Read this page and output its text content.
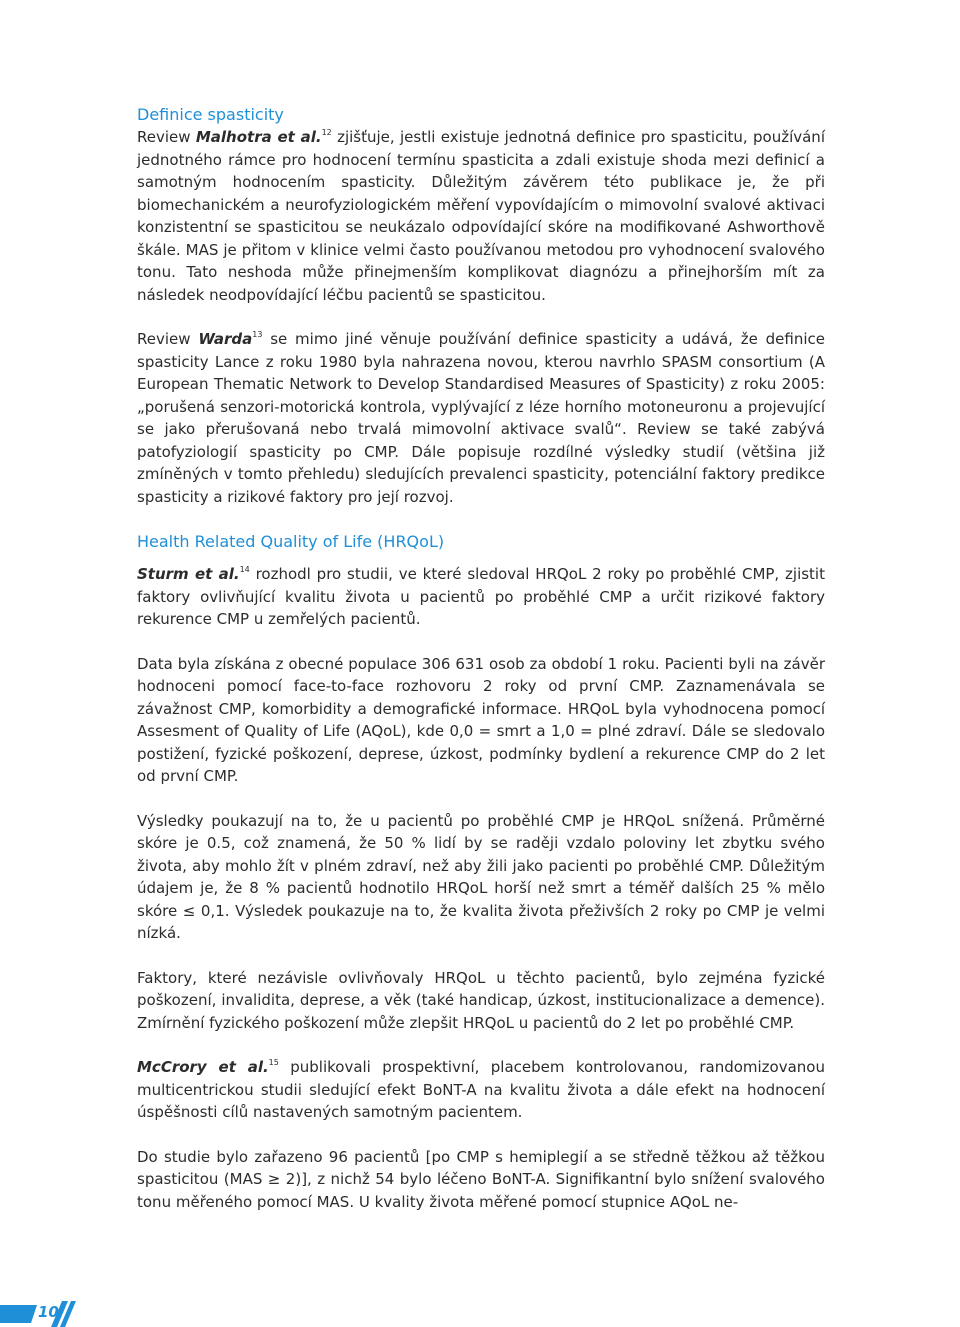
Definice spasticity

Review Malhotra et al.$^{12}$ zjišťuje, jestli existuje jednotná definice pro spasticitu, používání jednotného rámce pro hodnocení termínu spasticita a zdali existuje shoda mezi definicí a samotným hodnocením spasticity. Důležitým závěrem této publikace je, že při biomechanickém a neurofyziologickém měření vypovídajícím o mimovolní svalové aktivaci konzistentní se spasticitou se neukázalo odpovídající skóre na modifikované Ashworthově škále. MAS je přitom v klinice velmi často používanou metodou pro vyhodnocení svalového tonu. Tato neshoda může přinejmenším komplikovat diagnózu a přinejhorším mít za následek neodpovídající léčbu pacientů se spasticitou.

Review Warda$^{13}$ se mimo jiné věnuje používání definice spasticity a udává, že definice spasticity Lance z roku 1980 byla nahrazena novou, kterou navrhlo SPASM consortium (A European Thematic Network to Develop Standardised Measures of Spasticity) z roku 2005: „porušená senzori-motorická kontrola, vyplývající z léze horního motoneuronu a projevující se jako přerušovaná nebo trvalá mimovolní aktivace svalů“. Review se také zabývá patofyziologií spasticity po CMP. Dále popisuje rozdílné výsledky studií (většina již zmíněných v tomto přehledu) sledujících prevalenci spasticity, potenciální faktory predikce spasticity a rizikové faktory pro její rozvoj.

Health Related Quality of Life (HRQoL)

Sturm et al.$^{14}$ rozhodl pro studii, ve které sledoval HRQoL 2 roky po proběhlé CMP, zjistit faktory ovlivňující kvalitu života u pacientů po proběhlé CMP a určit rizikové faktory rekurence CMP u zemřelých pacientů.

Data byla získána z obecné populace 306 631 osob za období 1 roku. Pacienti byli na závěr hodnoceni pomocí face-to-face rozhovoru 2 roky od první CMP. Zaznamenávala se závažnost CMP, komorbidity a demografické informace. HRQoL byla vyhodnocena pomocí Assesment of Quality of Life (AQoL), kde 0,0 = smrt a 1,0 = plné zdraví. Dále se sledovalo postižení, fyzické poškození, deprese, úzkost, podmínky bydlení a rekurence CMP do 2 let od první CMP.

Výsledky poukazují na to, že u pacientů po proběhlé CMP je HRQoL snížená. Průměrné skóre je 0.5, což znamená, že 50 % lidí by se raději vzdalo poloviny let zbytku svého života, aby mohlo žít v plném zdraví, než aby žili jako pacienti po proběhlé CMP. Důležitým údajem je, že 8 % pacientů hodnotilo HRQoL horší než smrt a téměř dalších 25 % mělo skóre ≤ 0,1. Výsledek poukazuje na to, že kvalita života přeživších 2 roky po CMP je velmi nízká.

Faktory, které nezávisle ovlivňovaly HRQoL u těchto pacientů, bylo zejména fyzické poškození, invalidita, deprese, a věk (také handicap, úzkost, institucionalizace a demence). Zmírnění fyzického poškození může zlepšit HRQoL u pacientů do 2 let po proběhlé CMP.

McCrory et al.$^{15}$ publikovali prospektivní, placebem kontrolovanou, randomizovanou multicentrickou studii sledující efekt BoNT-A na kvalitu života a dále efekt na hodnocení úspěšnosti cílů nastavených samotným pacientem.

Do studie bylo zařazeno 96 pacientů [po CMP s hemiplegií a se středně těžkou až těžkou spasticitou (MAS ≥ 2)], z nichž 54 bylo léčeno BoNT-A. Signifikantní bylo snížení svalového tonu měřeného pomocí MAS. U kvality života měřené pomocí stupnice AQoL ne-

10
